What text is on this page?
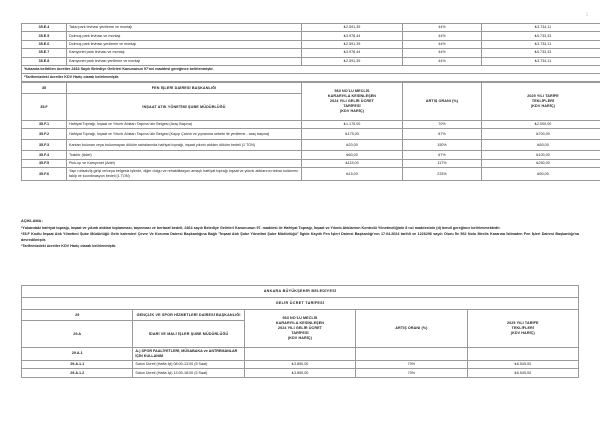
1
35.E.4	Taksi park levhası yenileme ve montajı	₺2.591,39	44%	₺3.734,11
35.E.5	Dolmuş park levhası ve montajı	₺3.978,44	44%	₺5.733,33
35.E.6	Dolmuş park levhası yenileme ve montajı	₺2.591,39	44%	₺3.734,11
35.E.7	Kamyonet park levhası ve montajı	₺3.978,44	44%	₺5.733,33
35.E.8	Kamyonet park levhası yenileme ve montajı	₺2.591,39	44%	₺3.734,11
Yukarıda belirtilen ücretler 2464 Sayılı Belediye Gelirleri Kanununun 97'nci maddesi gereğince belirlenmiştir.				
*Tarifemizdeki ücretler KDV Hariç olarak belirlenmiştir.				
35	FEN İŞLERİ DAİRESİ BAŞKANLIĞI	
563 NO'LU MECLİS
KARARIYLA KESİNLEŞEN
2024 YILI GELİR ÜCRET
TARİFESİ
(KDV HARİÇ)
	ARTIŞ ORANI (%)	
2025 YILI TARİFE
TEKLİFLERİ
(KDV HARİÇ)

35.F	İNŞAAT ATIK YÖNETİMİ ŞUBE MÜDÜRLÜĞÜ			
35.F.1	Hafriyat Toprağı, İnşaat ve Yıkıntı Atıkları Taşıma İzin Belgesi (Araç Başına)	₺1.175,00	70%	₺2.000,00
35.F.2	Hafriyat Toprağı, İnşaat ve Yıkıntı Atıkları Taşıma İzin Belgesi (Kayıp Çalıntı ve yıpranma sebebi ile yenileme - araç başına)	₺175,00	87%	₺700,00
35.F.3	Kantarı bulunan veya bulunmayan döküm sahalarında hafriyat toprağı, inşaat yıkıntı atıkları döküm bedeli (1 TON)	₺20,00	150%	₺50,00
35.F.4	Traktör (Adet)	₺60,00	67%	₺100,00
35.F.5	Pick-up ve Kamyonet (Adet)	₺115,00	117%	₺250,00
35.F.6	Yapı ruhsatı/İş girişi ve/veya belgesiz işlerde, diğer dolgu ve rehabilitasyon amaçlı hafriyat toprağı inşaat ve yıkıntı atıklarının tekrar kullanımı takip ve koordinasyon bedeli (1 TON)	₺15,00	233%	₺50,00
AÇIKLAMA :
*Yukarıdaki hafriyat toprağı, inşaat ve yıkıntı atıkları toplanması, taşınması ve bertaraf bedeli, 2464 sayılı Belediye Gelirleri Kanununun 97. maddesi ile Hafriyat Toprağı, İnşaat ve Yıkıntı Atıklarının Kontrolü Yönetmeliğinin 8 nci maddesinin (d) bendi gereğince belirlenmektedir.
*35.F Kodlu İnşaat Atık Yönetimi Şube Müdürlüğü Gelir kalemleri Çevre Ve Koruma Dairesi Başkanlığına Bağlı "İnşaat Atık Şube Yönetimi Şube Müdürlüğü" İlgide Kayıtlı Fen İşleri Dairesi Başkanlığı'nın 17.04.2024 tarihli ve 1226296 sayılı Oluru İle 562 Nolu Meclis Kararına İstinaden Fen İşleri Dairesi Başkanlığı'na devredilmiştir.
*Tarifemizdeki ücretler KDV Hariç olarak belirlenmiştir.
ANKARA BÜYÜKŞEHİR BELEDİYESİ				
GELİR ÜCRET TARİFESİ				
29	GENÇLİK VE SPOR HİZMETLERİ DAİRESİ BAŞKANLIĞI	
563 NO'LU MECLİS
KARARIYLA KESİNLEŞEN
2024 YILI GELİR ÜCRET
TARİFESİ
(KDV HARİÇ)
	ARTIŞ ORANI (%)	
2025 YILI TARİFE
TEKLİFLERİ
(KDV HARİÇ)

29.A	İDARİ VE MALİ İŞLER ŞUBE MÜDÜRLÜĞÜ			
29.A.1	A-) SPOR FAALİYETLERİ, MÜSABAKA ve ANTREMANLAR İÇİN KULLANIM			
29.A.1.1	Salon Ücreti (Hafta İçi) 08:00-13:00 (5 Saat)	₺3.850,00	70%	₺6.545,00
29.A.1.2	Salon Ücreti (Hafta İçi) 13:00-18:00 (5 Saat)	₺3.850,00	70%	₺6.545,00
